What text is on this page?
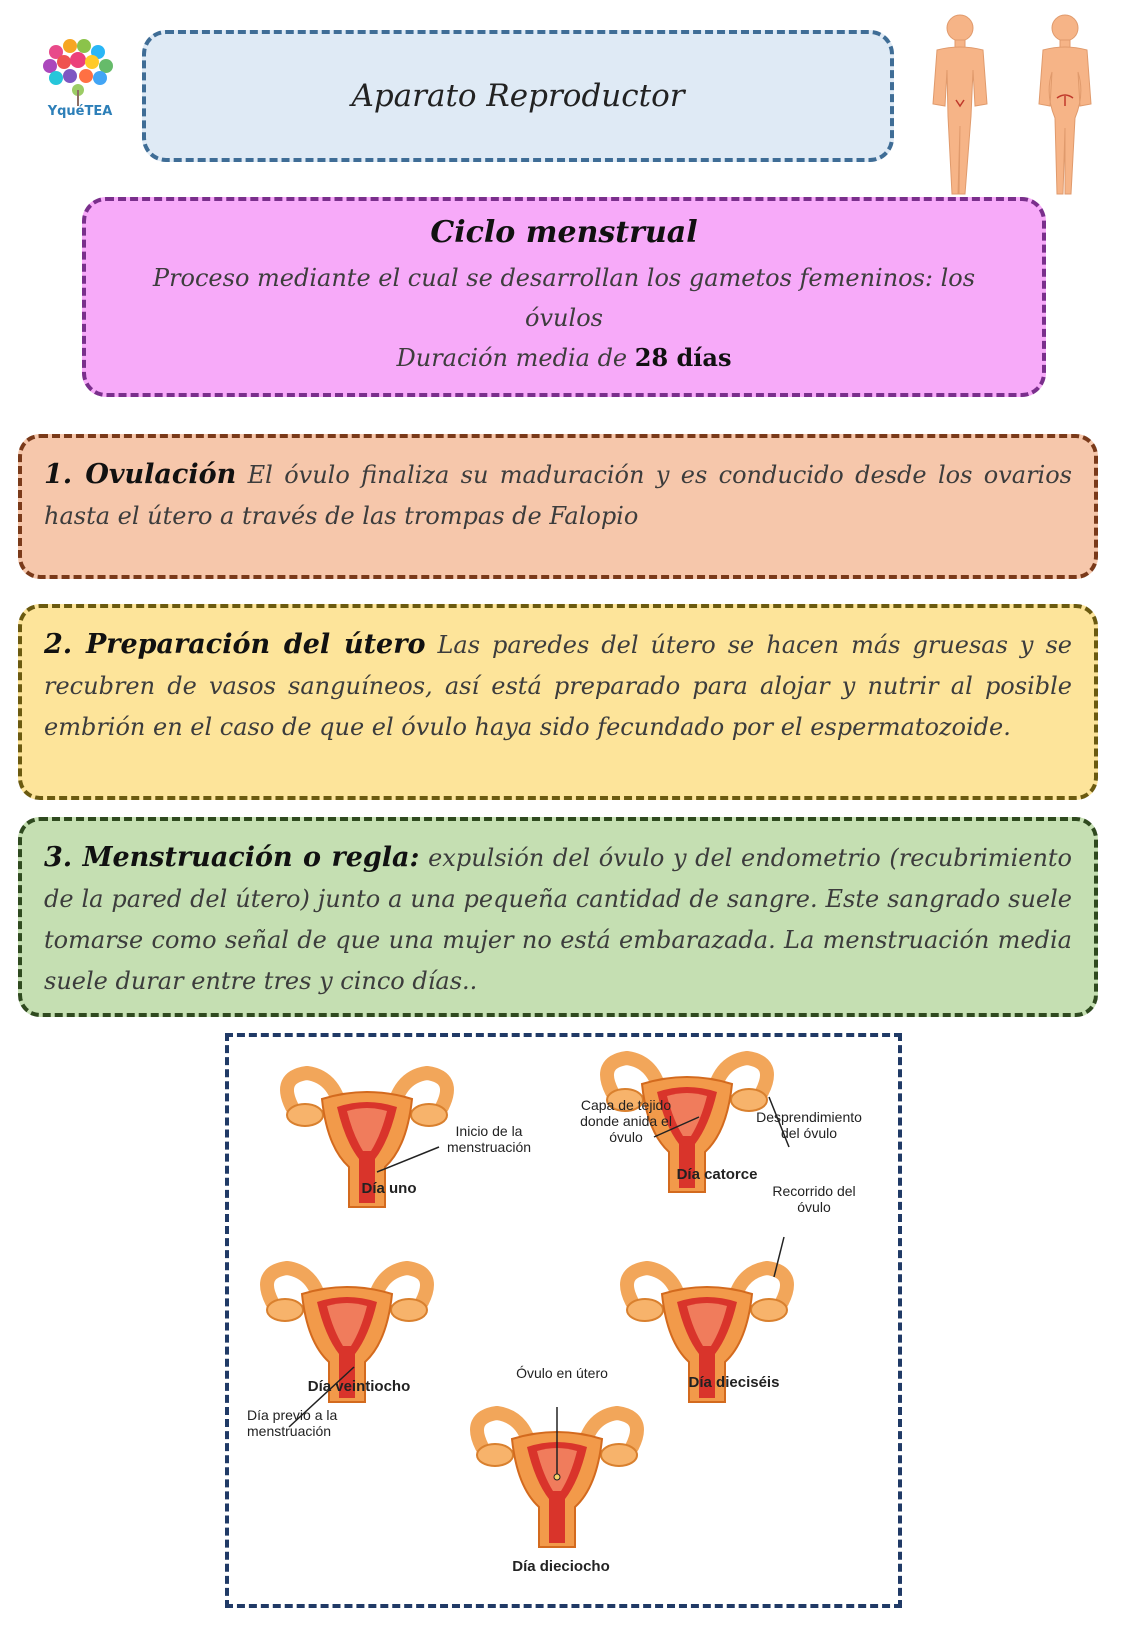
YquéTEA	Aparato Reproductor
Ciclo menstrual
Proceso mediante el cual se desarrollan los gametos femeninos: los óvulos
Duración media de 28 días
1. Ovulación El óvulo finaliza su maduración y es conducido desde los ovarios hasta el útero a través de las trompas de Falopio
2. Preparación del útero Las paredes del útero se hacen más gruesas y se recubren de vasos sanguíneos, así está preparado para alojar y nutrir al posible embrión en el caso de que el óvulo haya sido fecundado por el espermatozoide.
3. Menstruación o regla: expulsión del óvulo y del endometrio (recubrimiento de la pared del útero) junto a una pequeña cantidad de sangre. Este sangrado suele tomarse como señal de que una mujer no está embarazada. La menstruación media suele durar entre tres y cinco días..
Inicio de la menstruación
Día uno
Capa de tejido donde anida el óvulo
Desprendimiento del óvulo
Día catorce
Recorrido del óvulo
Día dieciséis
Día veintiocho
Día previo a la menstruación
Óvulo en útero
Día dieciocho
